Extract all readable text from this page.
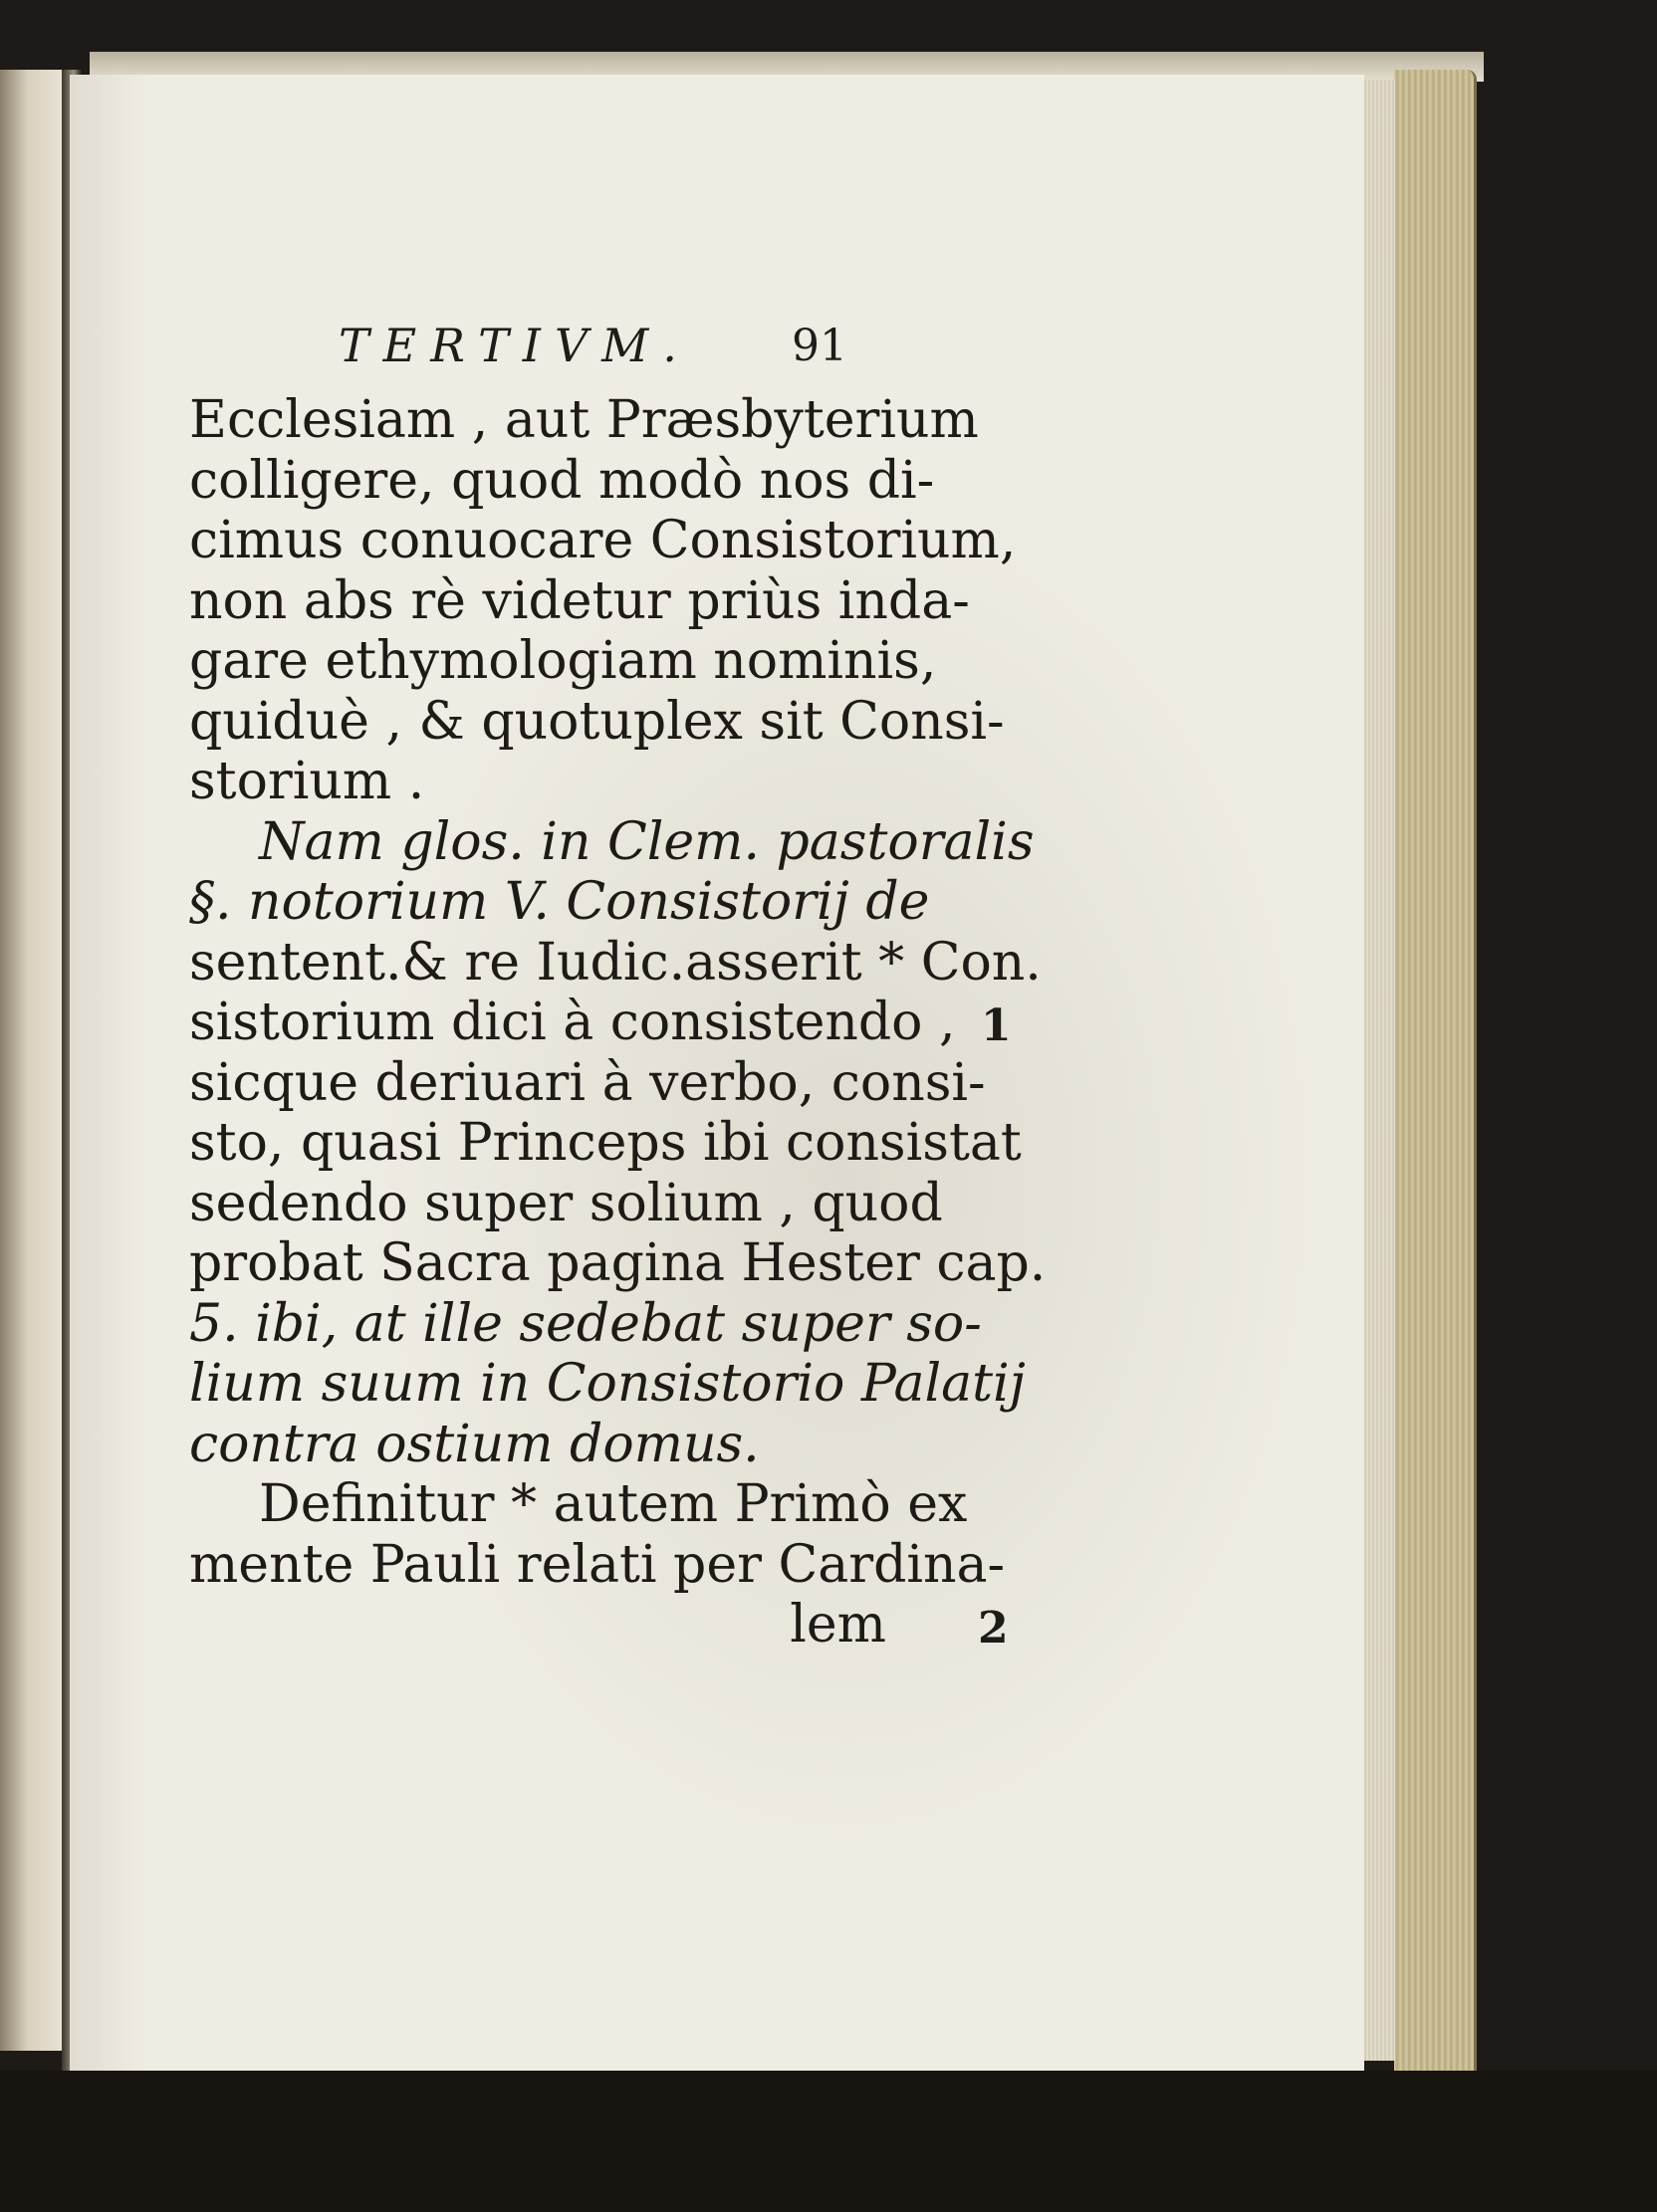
TERTIVM. 91
Ecclesiam , aut Præsbyterium
colligere, quod modò nos di-
cimus conuocare Consistorium,
non abs rè videtur priùs inda-
gare ethymologiam nominis,
quiduè , & quotuplex sit Consi-
storium .
Nam glos. in Clem. pastoralis
§. notorium V. Consistorij de
sentent.& re Iudic.asserit * Con.
sistorium dici à consistendo ,
sicque deriuari à verbo, consi-
sto, quasi Princeps ibi consistat
sedendo super solium , quod
probat Sacra pagina Hester cap.
5. ibi, at ille sedebat super so-
lium suum in Consistorio Palatij
contra ostium domus.
Definitur * autem Primò ex
mente Pauli relati per Cardina-
lem
1
2
